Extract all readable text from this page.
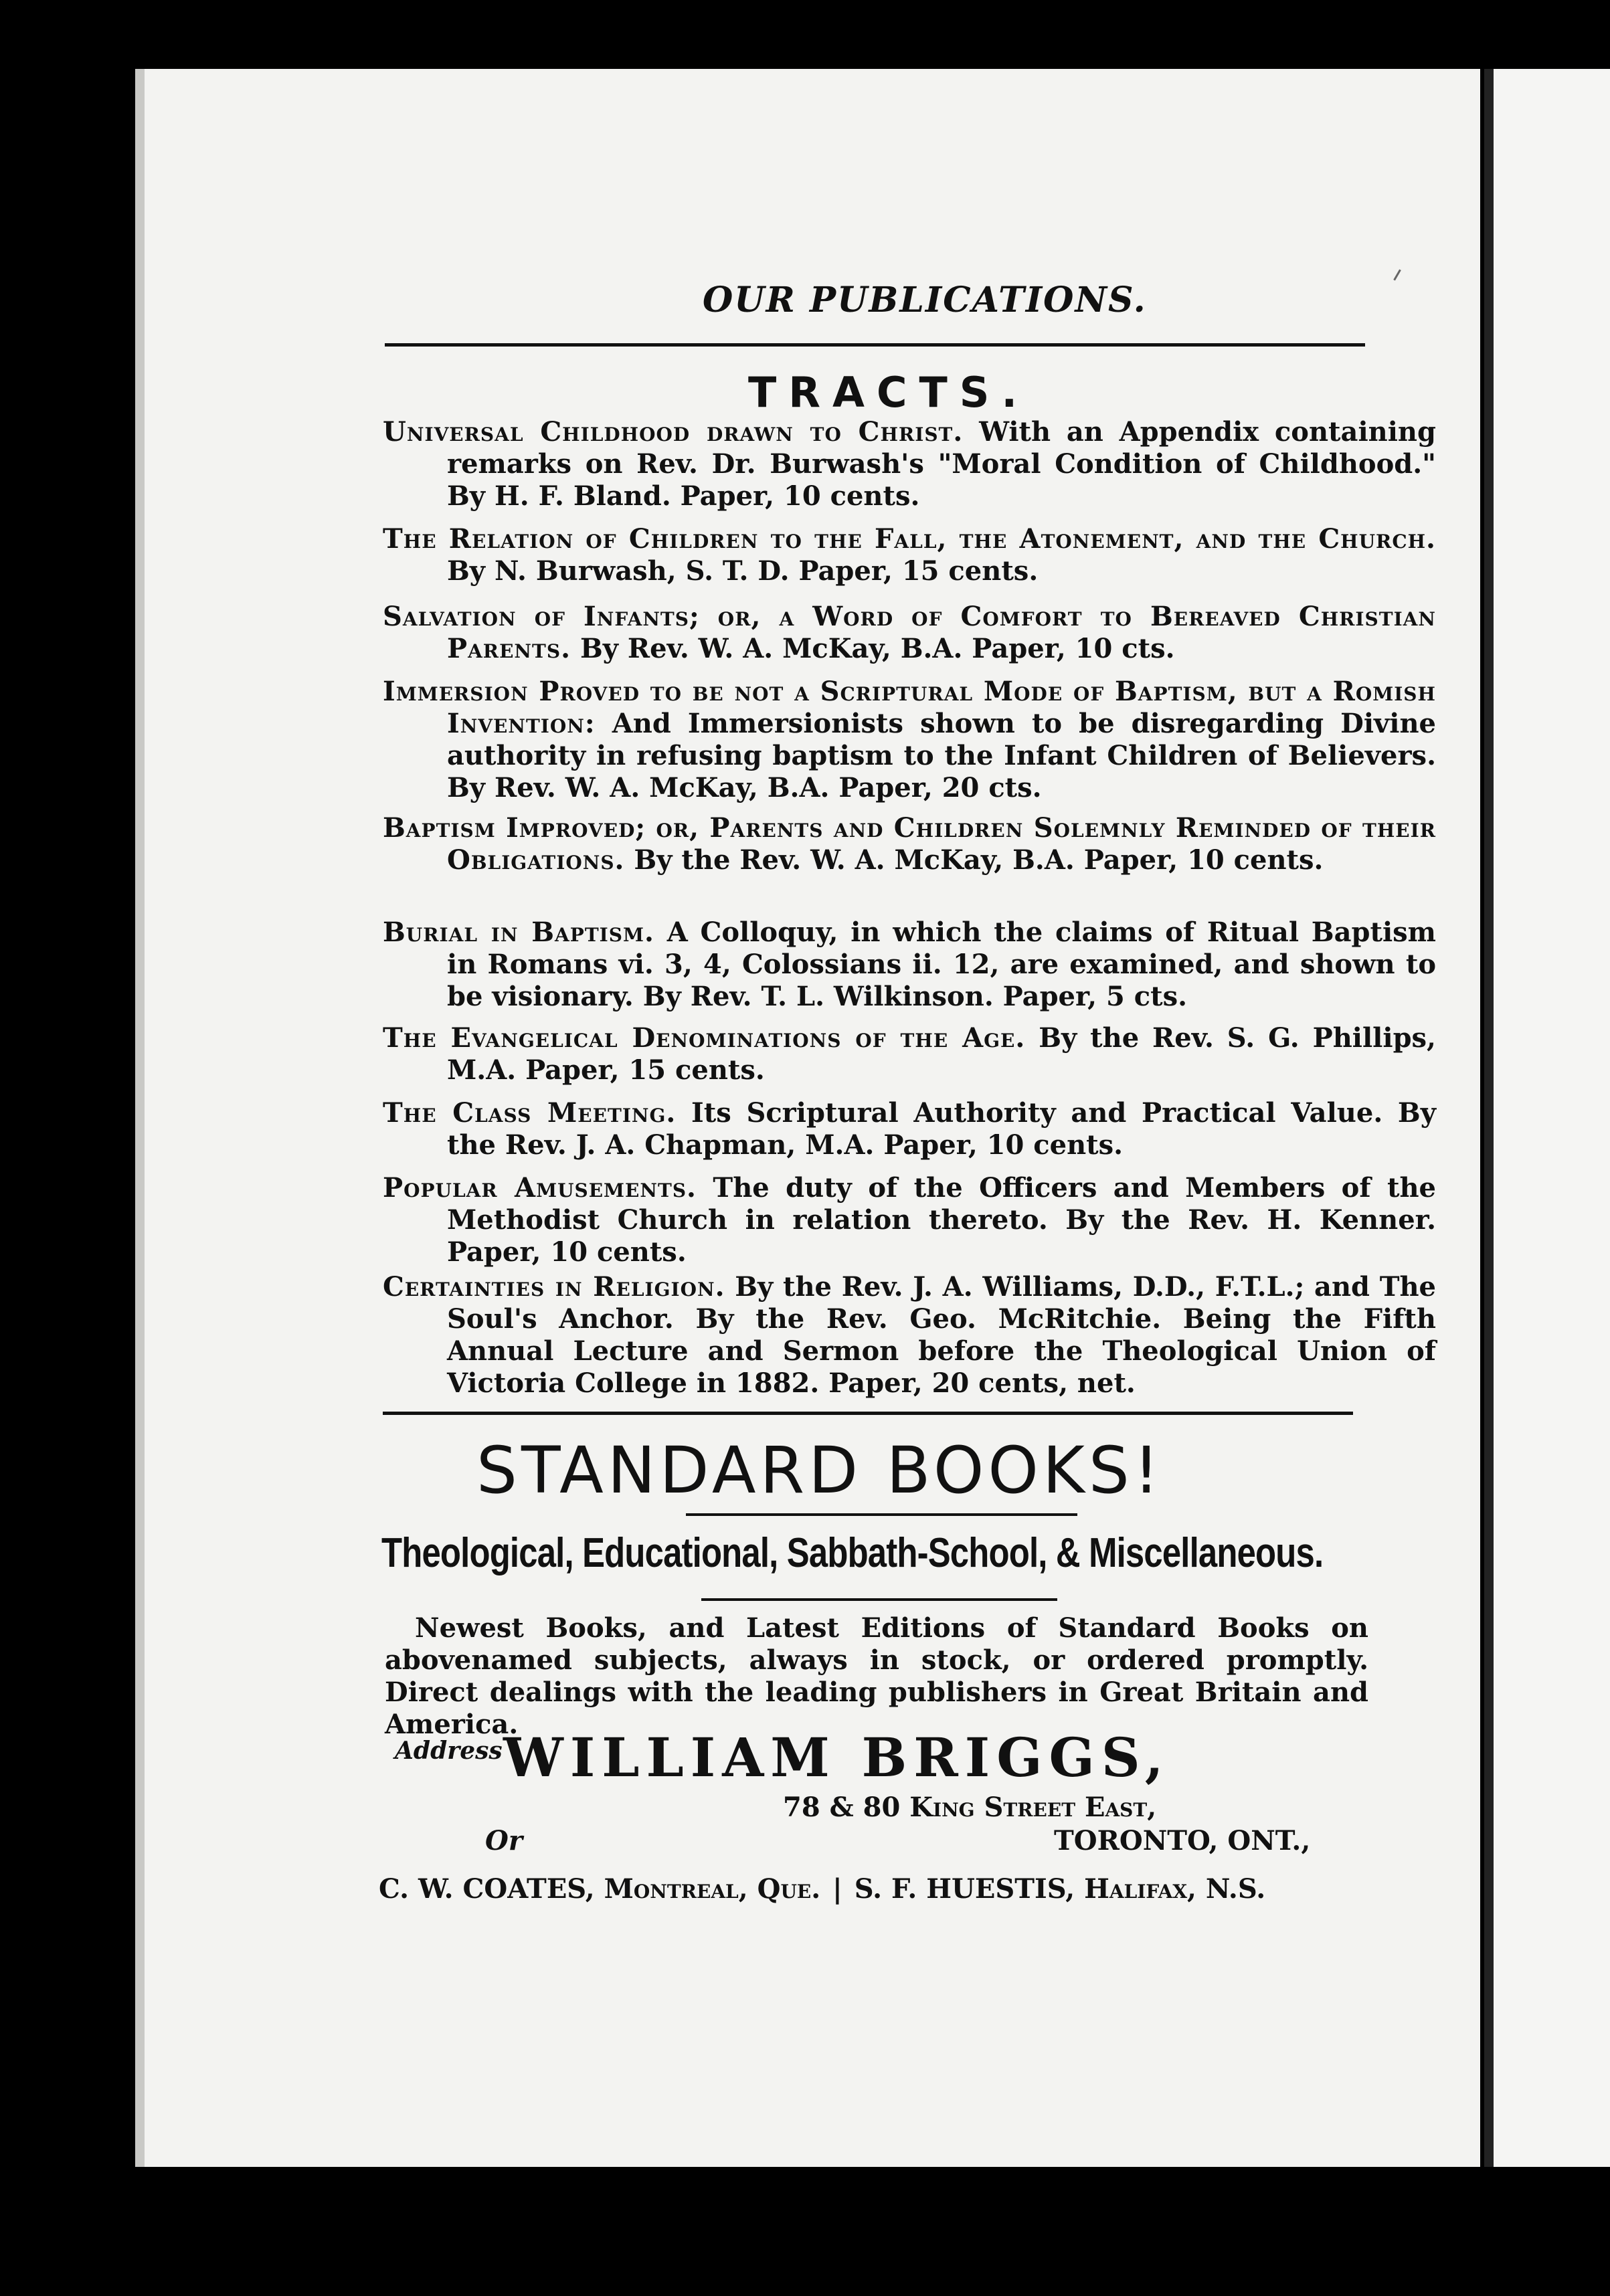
OUR PUBLICATIONS.
TRACTS.
Universal Childhood drawn to Christ. With an Appendix containing remarks on Rev. Dr. Burwash's "Moral Condition of Childhood." By H. F. Bland. Paper, 10 cents.
The Relation of Children to the Fall, the Atonement, and the Church. By N. Burwash, S. T. D. Paper, 15 cents.
Salvation of Infants; or, a Word of Comfort to Bereaved Christian Parents. By Rev. W. A. McKay, B.A. Paper, 10 cts.
Immersion Proved to be not a Scriptural Mode of Baptism, but a Romish Invention: And Immersionists shown to be disregarding Divine authority in refusing baptism to the Infant Children of Believers. By Rev. W. A. McKay, B.A. Paper, 20 cts.
Baptism Improved; or, Parents and Children Solemnly Reminded of their Obligations. By the Rev. W. A. McKay, B.A. Paper, 10 cents.
Burial in Baptism. A Colloquy, in which the claims of Ritual Baptism in Romans vi. 3, 4, Colossians ii. 12, are examined, and shown to be visionary. By Rev. T. L. Wilkinson. Paper, 5 cts.
The Evangelical Denominations of the Age. By the Rev. S. G. Phillips, M.A. Paper, 15 cents.
The Class Meeting. Its Scriptural Authority and Practical Value. By the Rev. J. A. Chapman, M.A. Paper, 10 cents.
Popular Amusements. The duty of the Officers and Members of the Methodist Church in relation thereto. By the Rev. H. Kenner. Paper, 10 cents.
Certainties in Religion. By the Rev. J. A. Williams, D.D., F.T.L.; and The Soul's Anchor. By the Rev. Geo. McRitchie. Being the Fifth Annual Lecture and Sermon before the Theological Union of Victoria College in 1882. Paper, 20 cents, net.
STANDARD BOOKS!
Theological, Educational, Sabbath-School, & Miscellaneous.
Newest Books, and Latest Editions of Standard Books on abovenamed subjects, always in stock, or ordered promptly. Direct dealings with the leading publishers in Great Britain and America.
Address WILLIAM BRIGGS,
78 & 80 King Street East,
Or	TORONTO, ONT.,
C. W. COATES, Montreal, Que. | S. F. HUESTIS, Halifax, N.S.
